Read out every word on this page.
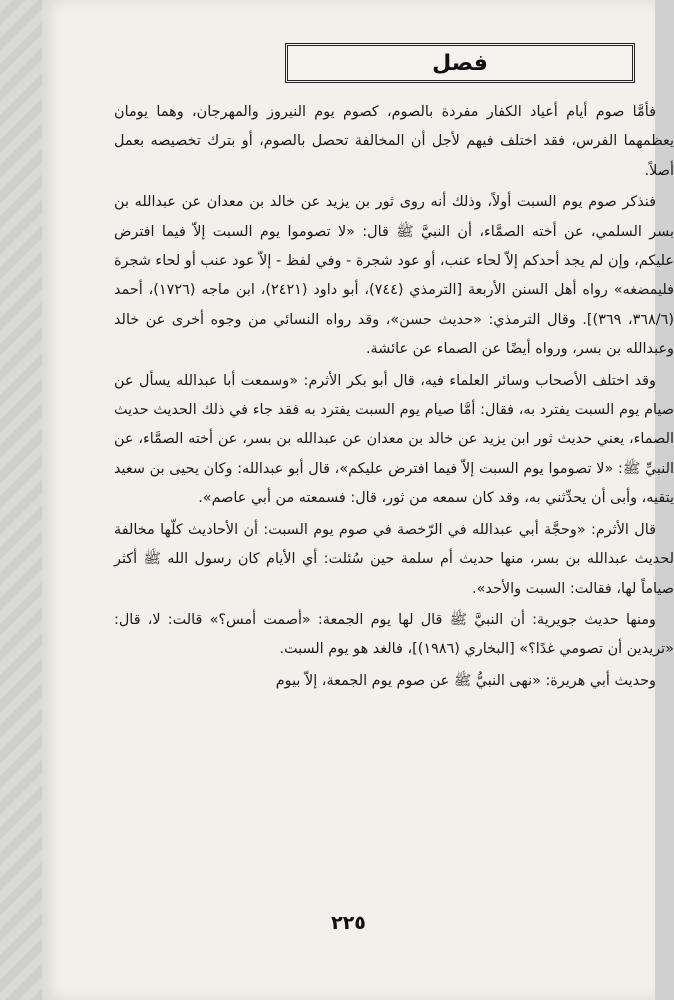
فصل

فأمَّا صوم أيام أعياد الكفار مفردة بالصوم، كصوم يوم النيروز والمهرجان، وهما يومان يعظمهما الفرس، فقد اختلف فيهم لأجل أن المخالفة تحصل بالصوم، أو بترك تخصيصه بعمل أصلاً.

فنذكر صوم يوم السبت أولاً، وذلك أنه روى ثور بن يزيد عن خالد بن معدان عن عبدالله بن بسر السلمي، عن أخته الصمَّاء، أن النبيَّ ﷺ قال: «لا تصوموا يوم السبت إلاّ فيما افترض عليكم، وإن لم يجد أحدكم إلاّ لحاء عنب، أو عود شجرة - وفي لفظ - إلاّ عود عنب أو لحاء شجرة فليمضغه» رواه أهل السنن الأربعة [الترمذي (٧٤٤)، أبو داود (٢٤٢١)، ابن ماجه (١٧٢٦)، أحمد (٣٦٨/٦، ٣٦٩)]. وقال الترمذي: «حديث حسن»، وقد رواه النسائي من وجوه أخرى عن خالد وعبدالله بن بسر، ورواه أيضًا عن الصماء عن عائشة.

وقد اختلف الأصحاب وسائر العلماء فيه، قال أبو بكر الأثرم: «وسمعت أبا عبدالله يسأل عن صيام يوم السبت يفترد به، فقال: أمَّا صيام يوم السبت يفترد به فقد جاء في ذلك الحديث حديث الصماء، يعني حديث ثور ابن يزيد عن خالد بن معدان عن عبدالله بن بسر، عن أخته الصمَّاء، عن النبيِّ ﷺ: «لا تصوموا يوم السبت إلاّ فيما افترض عليكم»، قال أبو عبدالله: وكان يحيى بن سعيد يتقيه، وأبى أن يحدِّثني به، وقد كان سمعه من ثور، قال: فسمعته من أبي عاصم».

قال الأثرم: «وحجَّة أبي عبدالله في الرّخصة في صوم يوم السبت: أن الأحاديث كلّها مخالفة لحديث عبدالله بن بسر، منها حديث أم سلمة حين سُئلت: أي الأيام كان رسول الله ﷺ أكثر صياماً لها، فقالت: السبت والأحد».

ومنها حديث جويرية: أن النبيَّ ﷺ قال لها يوم الجمعة: «أصمت أمس؟» قالت: لا، قال: «تريدين أن تصومي غدًا؟» [البخاري (١٩٨٦)]، فالغد هو يوم السبت.

وحديث أبي هريرة: «نهى النبيُّ ﷺ عن صوم يوم الجمعة، إلاّ بيوم

٢٢٥
